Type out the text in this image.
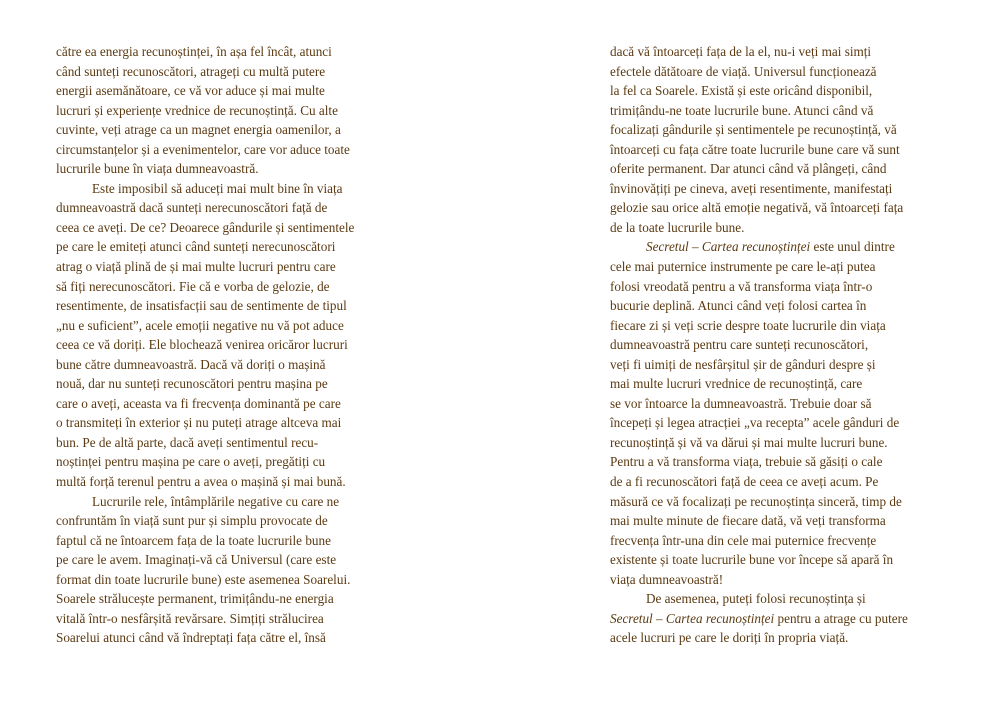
către ea energia recunoștinței, în așa fel încât, atunci
când sunteți recunoscători, atrageți cu multă putere
energii asemănătoare, ce vă vor aduce și mai multe
lucruri și experiențe vrednice de recunoștință. Cu alte
cuvinte, veți atrage ca un magnet energia oamenilor, a
circumstanțelor și a evenimentelor, care vor aduce toate
lucrurile bune în viața dumneavoastră.
Este imposibil să aduceți mai mult bine în viața
dumneavoastră dacă sunteți nerecunoscători față de
ceea ce aveți. De ce? Deoarece gândurile și sentimentele
pe care le emiteți atunci când sunteți nerecunoscători
atrag o viață plină de și mai multe lucruri pentru care
să fiți nerecunoscători. Fie că e vorba de gelozie, de
resentimente, de insatisfacții sau de sentimente de tipul
„nu e suficient”, acele emoții negative nu vă pot aduce
ceea ce vă doriți. Ele blochează venirea oricăror lucruri
bune către dumneavoastră. Dacă vă doriți o mașină
nouă, dar nu sunteți recunoscători pentru mașina pe
care o aveți, aceasta va fi frecvența dominantă pe care
o transmiteți în exterior și nu puteți atrage altceva mai
bun. Pe de altă parte, dacă aveți sentimentul recu-
noștinței pentru mașina pe care o aveți, pregătiți cu
multă forță terenul pentru a avea o mașină și mai bună.
Lucrurile rele, întâmplările negative cu care ne
confruntăm în viață sunt pur și simplu provocate de
faptul că ne întoarcem fața de la toate lucrurile bune
pe care le avem. Imaginați-vă că Universul (care este
format din toate lucrurile bune) este asemenea Soarelui.
Soarele strălucește permanent, trimițându-ne energia
vitală într-o nesfârșită revărsare. Simțiți strălucirea
Soarelui atunci când vă îndreptați fața către el, însă
dacă vă întoarceți fața de la el, nu-i veți mai simți
efectele dătătoare de viață. Universul funcționează
la fel ca Soarele. Există și este oricând disponibil,
trimițându-ne toate lucrurile bune. Atunci când vă
focalizați gândurile și sentimentele pe recunoștință, vă
întoarceți cu fața către toate lucrurile bune care vă sunt
oferite permanent. Dar atunci când vă plângeți, când
învinovățiți pe cineva, aveți resentimente, manifestați
gelozie sau orice altă emoție negativă, vă întoarceți fața
de la toate lucrurile bune.
Secretul – Cartea recunoștinței este unul dintre
cele mai puternice instrumente pe care le-ați putea
folosi vreodată pentru a vă transforma viața într-o
bucurie deplină. Atunci când veți folosi cartea în
fiecare zi și veți scrie despre toate lucrurile din viața
dumneavoastră pentru care sunteți recunoscători,
veți fi uimiți de nesfârșitul șir de gânduri despre și
mai multe lucruri vrednice de recunoștință, care
se vor întoarce la dumneavoastră. Trebuie doar să
începeți și legea atracției „va recepta” acele gânduri de
recunoștință și vă va dărui și mai multe lucruri bune.
Pentru a vă transforma viața, trebuie să găsiți o cale
de a fi recunoscători față de ceea ce aveți acum. Pe
măsură ce vă focalizați pe recunoștința sinceră, timp de
mai multe minute de fiecare dată, vă veți transforma
frecvența într-una din cele mai puternice frecvențe
existente și toate lucrurile bune vor începe să apară în
viața dumneavoastră!
De asemenea, puteți folosi recunoștința și
Secretul – Cartea recunoștinței pentru a atrage cu putere
acele lucruri pe care le doriți în propria viață.
